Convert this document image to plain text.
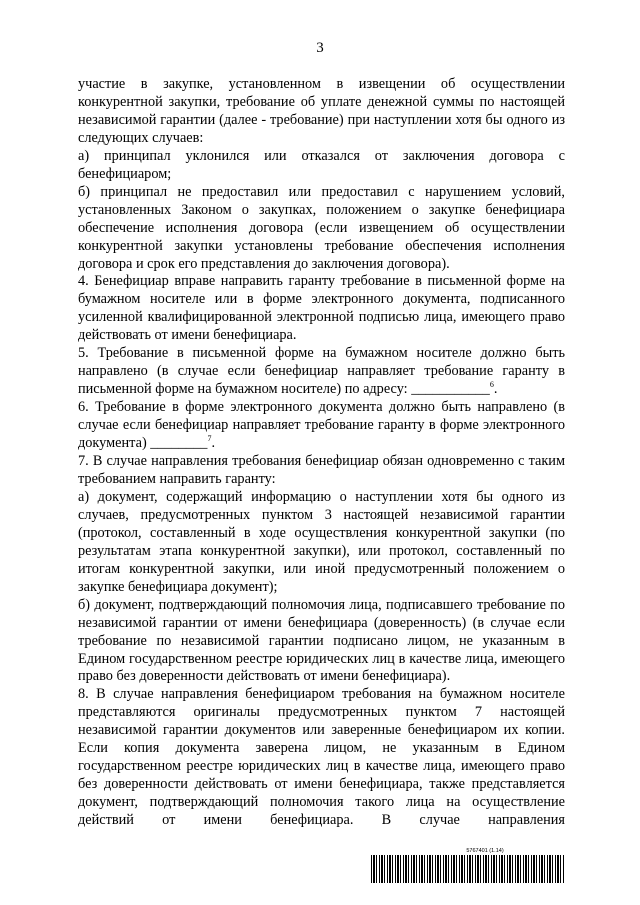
3

участие в закупке, установленном в извещении об осуществлении конкурентной закупки, требование об уплате денежной суммы по настоящей независимой гарантии (далее - требование) при наступлении хотя бы одного из следующих случаев:

а) принципал уклонился или отказался от заключения договора с бенефициаром;

б) принципал не предоставил или предоставил с нарушением условий, установленных Законом о закупках, положением о закупке бенефициара обеспечение исполнения договора (если извещением об осуществлении конкурентной закупки установлены требование обеспечения исполнения договора и срок его представления до заключения договора).

4. Бенефициар вправе направить гаранту требование в письменной форме на бумажном носителе или в форме электронного документа, подписанного усиленной квалифицированной электронной подписью лица, имеющего право действовать от имени бенефициара.

5. Требование в письменной форме на бумажном носителе должно быть направлено (в случае если бенефициар направляет требование гаранту в письменной форме на бумажном носителе) по адресу: ___________$^6$.

6. Требование в форме электронного документа должно быть направлено (в случае если бенефициар направляет требование гаранту в форме электронного документа) ________$^7$.

7. В случае направления требования бенефициар обязан одновременно с таким требованием направить гаранту:

а) документ, содержащий информацию о наступлении хотя бы одного из случаев, предусмотренных пунктом 3 настоящей независимой гарантии (протокол, составленный в ходе осуществления конкурентной закупки (по результатам этапа конкурентной закупки), или протокол, составленный по итогам конкурентной закупки, или иной предусмотренный положением о закупке бенефициара документ);

б) документ, подтверждающий полномочия лица, подписавшего требование по независимой гарантии от имени бенефициара (доверенность) (в случае если требование по независимой гарантии подписано лицом, не указанным в Едином государственном реестре юридических лиц в качестве лица, имеющего право без доверенности действовать от имени бенефициара).

8. В случае направления бенефициаром требования на бумажном носителе представляются оригиналы предусмотренных пунктом 7 настоящей независимой гарантии документов или заверенные бенефициаром их копии. Если копия документа заверена лицом, не указанным в Едином государственном реестре юридических лиц в качестве лица, имеющего право без доверенности действовать от имени бенефициара, также представляется документ, подтверждающий полномочия такого лица на осуществление действий от имени бенефициара. В случае направления

5767401 (1.14)
